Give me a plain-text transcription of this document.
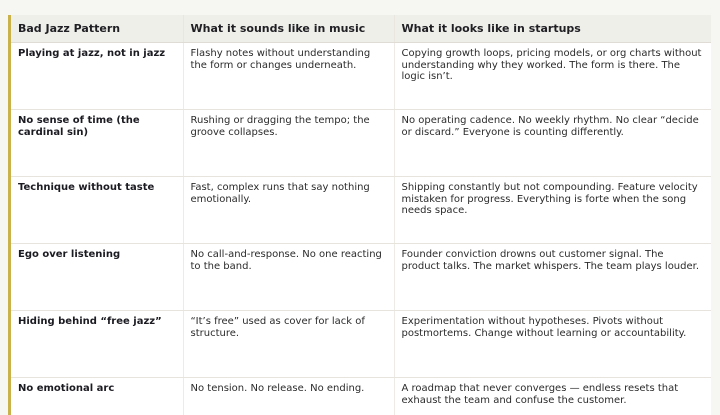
Bad Jazz Pattern	What it sounds like in music	What it looks like in startups
Playing at jazz, not in jazz	Flashy notes without understanding the form or changes underneath.	Copying growth loops, pricing models, or org charts without understanding why they worked. The form is there. The logic isn’t.
No sense of time (the cardinal sin)	Rushing or dragging the tempo; the groove collapses.	No operating cadence. No weekly rhythm. No clear “decide or discard.” Everyone is counting differently.
Technique without taste	Fast, complex runs that say nothing emotionally.	Shipping constantly but not compounding. Feature velocity mistaken for progress. Everything is forte when the song needs space.
Ego over listening	No call-and-response. No one reacting to the band.	Founder conviction drowns out customer signal. The product talks. The market whispers. The team plays louder.
Hiding behind “free jazz”	“It’s free” used as cover for lack of structure.	Experimentation without hypotheses. Pivots without postmortems. Change without learning or accountability.
No emotional arc	No tension. No release. No ending.	A roadmap that never converges — endless resets that exhaust the team and confuse the customer.
